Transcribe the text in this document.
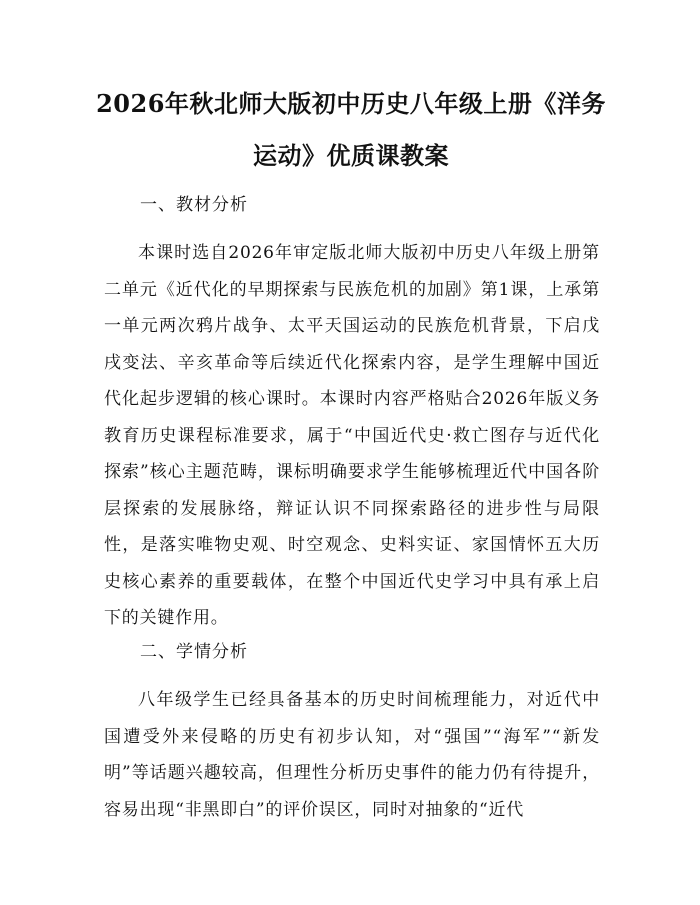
2026年秋北师大版初中历史八年级上册《洋务运动》优质课教案
一、教材分析

本课时选自2026年审定版北师大版初中历史八年级上册第二单元《近代化的早期探索与民族危机的加剧》第1课，上承第一单元两次鸦片战争、太平天国运动的民族危机背景，下启戊戌变法、辛亥革命等后续近代化探索内容，是学生理解中国近代化起步逻辑的核心课时。本课时内容严格贴合2026年版义务教育历史课程标准要求，属于“中国近代史·救亡图存与近代化探索”核心主题范畴，课标明确要求学生能够梳理近代中国各阶层探索的发展脉络，辩证认识不同探索路径的进步性与局限性，是落实唯物史观、时空观念、史料实证、家国情怀五大历史核心素养的重要载体，在整个中国近代史学习中具有承上启下的关键作用。

二、学情分析

八年级学生已经具备基本的历史时间梳理能力，对近代中国遭受外来侵略的历史有初步认知，对“强国”“海军”“新发明”等话题兴趣较高，但理性分析历史事件的能力仍有待提升，容易出现“非黑即白”的评价误区，同时对抽象的“近代
